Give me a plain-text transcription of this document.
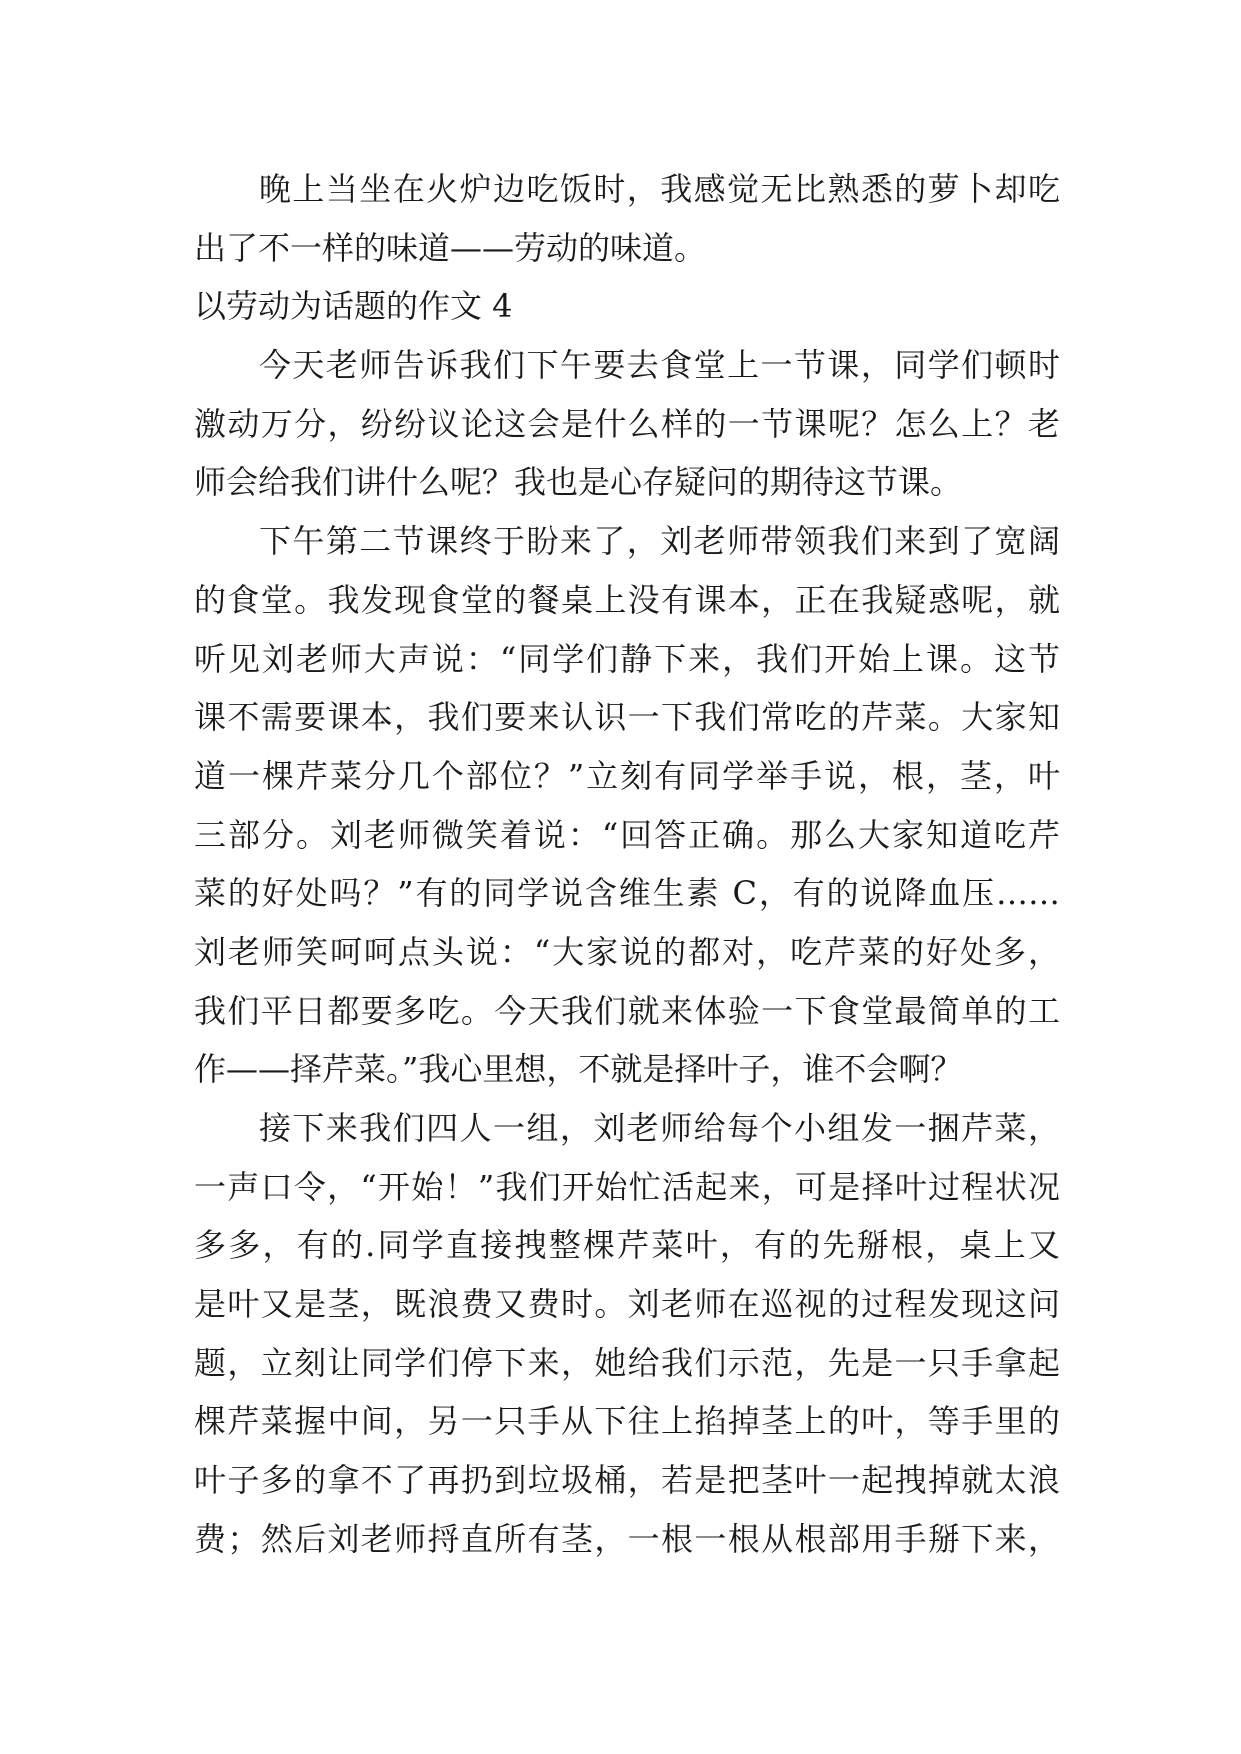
晚上当坐在火炉边吃饭时，我感觉无比熟悉的萝卜却吃
出了不一样的味道——劳动的味道。
以劳动为话题的作文 4
今天老师告诉我们下午要去食堂上一节课，同学们顿时
激动万分，纷纷议论这会是什么样的一节课呢？怎么上？老
师会给我们讲什么呢？我也是心存疑问的期待这节课。
下午第二节课终于盼来了，刘老师带领我们来到了宽阔
的食堂。我发现食堂的餐桌上没有课本，正在我疑惑呢，就
听见刘老师大声说：“同学们静下来，我们开始上课。这节
课不需要课本，我们要来认识一下我们常吃的芹菜。大家知
道一棵芹菜分几个部位？”立刻有同学举手说，根，茎，叶
三部分。刘老师微笑着说：“回答正确。那么大家知道吃芹
菜的好处吗？”有的同学说含维生素 C，有的说降血压……
刘老师笑呵呵点头说：“大家说的都对，吃芹菜的好处多，
我们平日都要多吃。今天我们就来体验一下食堂最简单的工
作——择芹菜。”我心里想，不就是择叶子，谁不会啊？
接下来我们四人一组，刘老师给每个小组发一捆芹菜，
一声口令，“开始！”我们开始忙活起来，可是择叶过程状况
多多，有的.同学直接拽整棵芹菜叶，有的先掰根，桌上又
是叶又是茎，既浪费又费时。刘老师在巡视的过程发现这问
题，立刻让同学们停下来，她给我们示范，先是一只手拿起
棵芹菜握中间，另一只手从下往上掐掉茎上的叶，等手里的
叶子多的拿不了再扔到垃圾桶，若是把茎叶一起拽掉就太浪
费；然后刘老师捋直所有茎，一根一根从根部用手掰下来，
